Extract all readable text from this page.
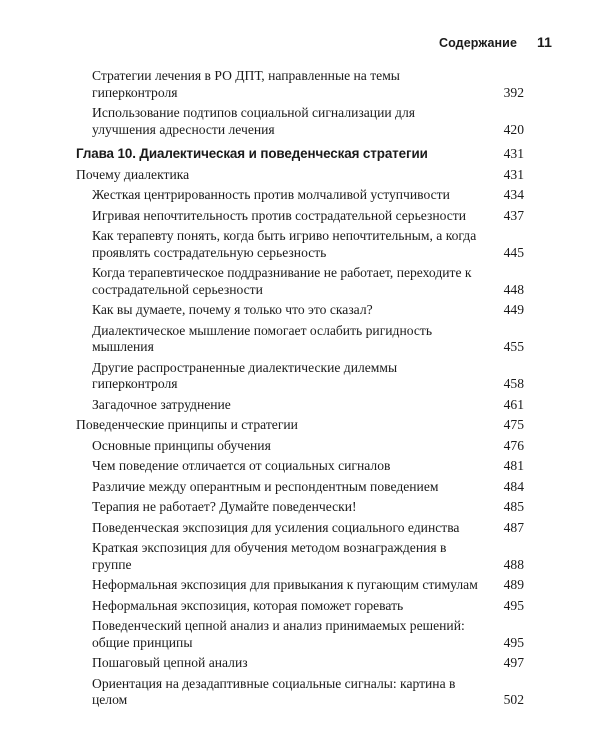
Содержание 11
Стратегии лечения в РО ДПТ, направленные на темы гиперконтроля	392
Использование подтипов социальной сигнализации для улучшения адресности лечения	420
Глава 10. Диалектическая и поведенческая стратегии	431
Почему диалектика	431
Жесткая центрированность против молчаливой уступчивости	434
Игривая непочтительность против сострадательной серьезности	437
Как терапевту понять, когда быть игриво непочтительным, а когда проявлять сострадательную серьезность	445
Когда терапевтическое поддразнивание не работает, переходите к сострадательной серьезности	448
Как вы думаете, почему я только что это сказал?	449
Диалектическое мышление помогает ослабить ригидность мышления	455
Другие распространенные диалектические дилеммы гиперконтроля	458
Загадочное затруднение	461
Поведенческие принципы и стратегии	475
Основные принципы обучения	476
Чем поведение отличается от социальных сигналов	481
Различие между оперантным и респондентным поведением	484
Терапия не работает? Думайте поведенчески!	485
Поведенческая экспозиция для усиления социального единства	487
Краткая экспозиция для обучения методом вознаграждения в группе	488
Неформальная экспозиция для привыкания к пугающим стимулам	489
Неформальная экспозиция, которая поможет горевать	495
Поведенческий цепной анализ и анализ принимаемых решений: общие принципы	495
Пошаговый цепной анализ	497
Ориентация на дезадаптивные социальные сигналы: картина в целом	502
